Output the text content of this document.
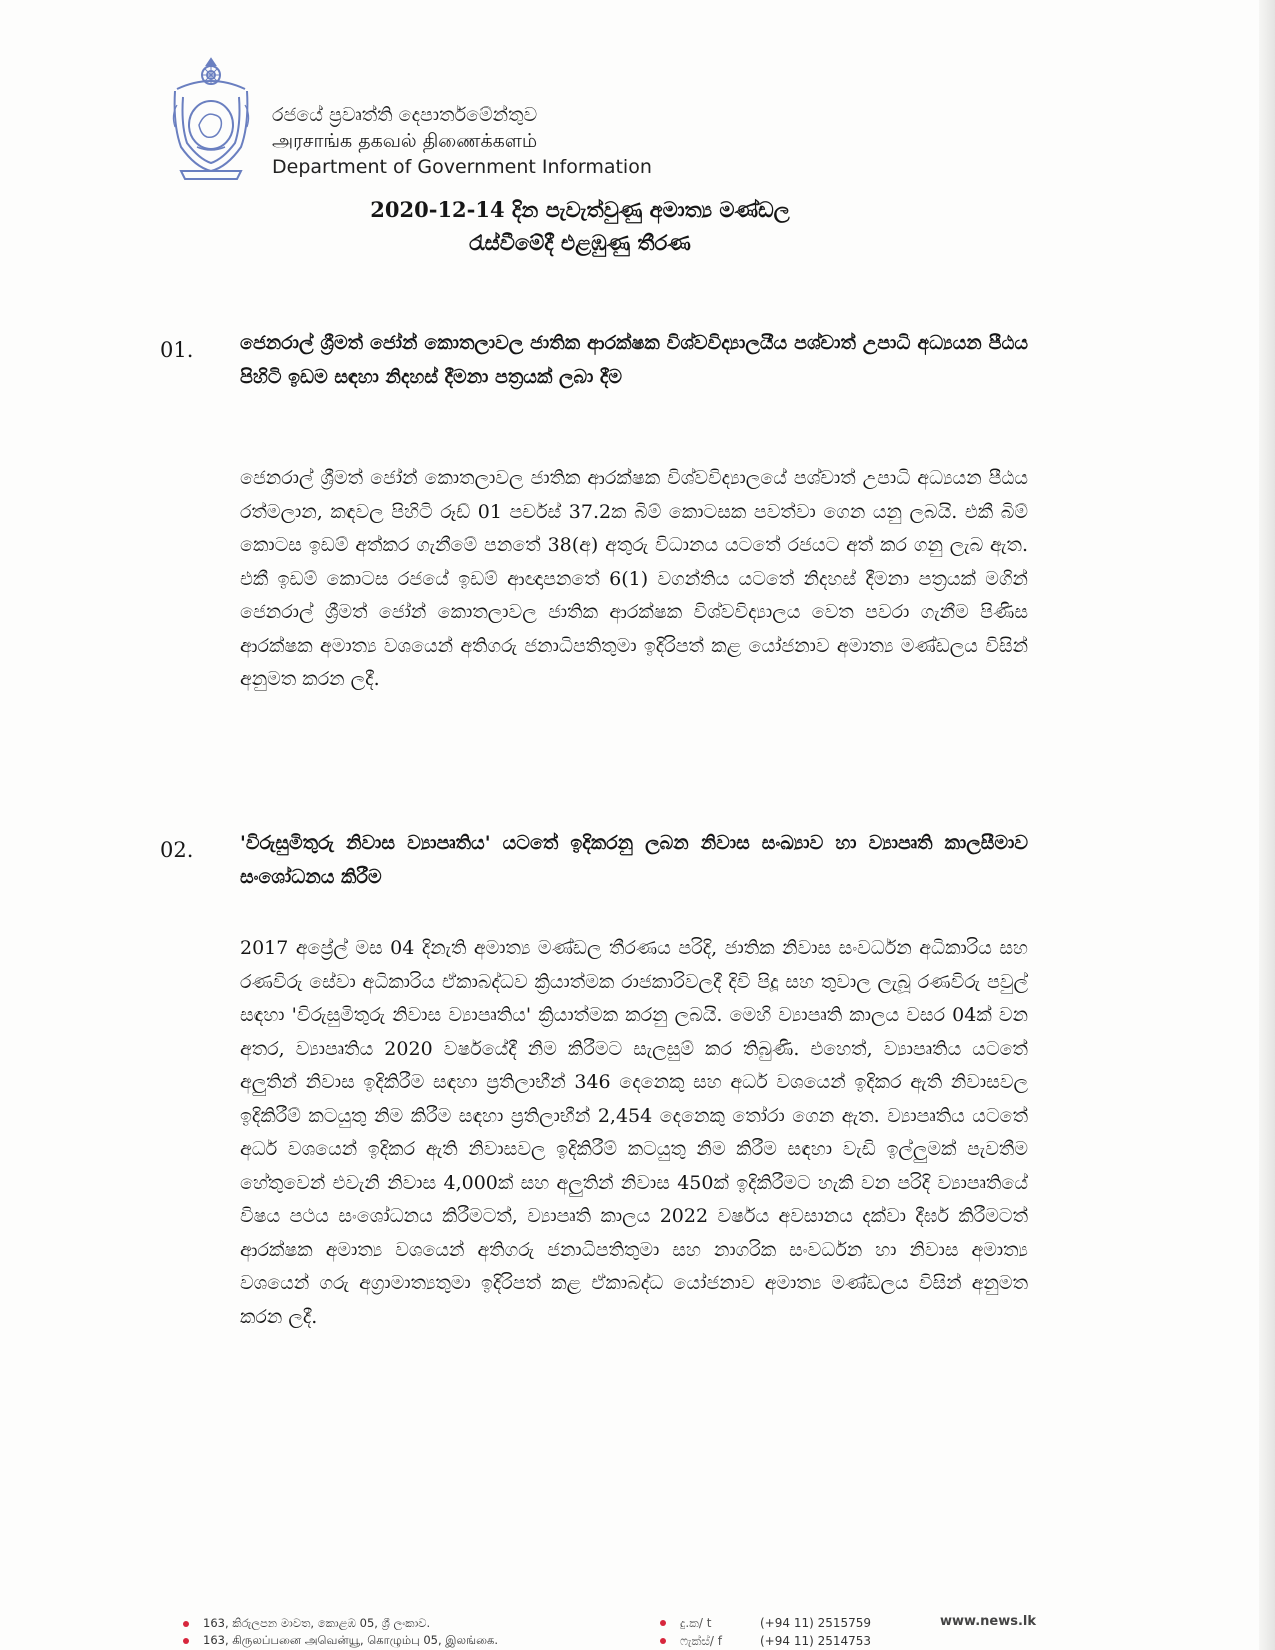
රජයේ ප්‍රවෘත්ති දෙපාර්තමේන්තුව
அரசாங்க தகவல் திணைக்களம்
Department of Government Information
2020-12-14 දින පැවැත්වුණු අමාත්‍ය මණ්ඩල
රැස්වීමේදී එළඹුණු තීරණ
01. ජෙනරාල් ශ්‍රීමත් ජෝන් කොතලාවල ජාතික ආරක්ෂක විශ්වවිද්‍යාලයීය පශ්චාත් උපාධි අධ්‍යයන පීඨය පිහිටි ඉඩම සඳහා නිදහස් දීමනා පත්‍රයක් ලබා දීම
ජෙනරාල් ශ්‍රීමත් ජෝන් කොතලාවල ජාතික ආරක්ෂක විශ්වවිද්‍යාලයේ පශ්චාත් උපාධි අධ්‍යයන පීඨය රත්මලාන, කඳවල පිහිටි රූඩ් 01 පර්චස් 37.2ක බිම් කොටසක පවත්වා ගෙන යනු ලබයි. එකී බිම් කොටස ඉඩම් අත්කර ගැනීමේ පනතේ 38(අ) අතුරු විධානය යටතේ රජයට අත් කර ගනු ලැබ ඇත. එකී ඉඩම් කොටස රජයේ ඉඩම් ආඥාපනතේ 6(1) වගන්තිය යටතේ නිදහස් දීමනා පත්‍රයක් මගින් ජෙනරාල් ශ්‍රීමත් ජෝන් කොතලාවල ජාතික ආරක්ෂක විශ්වවිද්‍යාලය වෙත පවරා ගැනීම පිණිස ආරක්ෂක අමාත්‍ය වශයෙන් අතිගරු ජනාධිපතිතුමා ඉදිරිපත් කළ යෝජනාව අමාත්‍ය මණ්ඩලය විසින් අනුමත කරන ලදී.
02. 'විරුසුමිතුරු නිවාස ව්‍යාපෘතිය' යටතේ ඉදිකරනු ලබන නිවාස සංඛ්‍යාව හා ව්‍යාපෘති කාලසීමාව සංශෝධනය කිරීම
2017 අප්‍රේල් මස 04 දිනැති අමාත්‍ය මණ්ඩල තීරණය පරිදි, ජාතික නිවාස සංවර්ධන අධිකාරිය සහ රණවිරු සේවා අධිකාරිය ඒකාබද්ධව ක්‍රියාත්මක රාජකාරිවලදී දිවි පිදූ සහ තුවාල ලැබූ රණවිරු පවුල් සඳහා 'විරුසුමිතුරු නිවාස ව්‍යාපෘතිය' ක්‍රියාත්මක කරනු ලබයි. මෙහි ව්‍යාපෘති කාලය වසර 04ක් වන අතර, ව්‍යාපෘතිය 2020 වර්ෂයේදී නිම කිරීමට සැලසුම් කර තිබුණි. එහෙත්, ව්‍යාපෘතිය යටතේ අලුතින් නිවාස ඉදිකිරීම සඳහා ප්‍රතිලාභීන් 346 දෙනෙකු සහ අර්ධ වශයෙන් ඉදිකර ඇති නිවාසවල ඉදිකිරීම් කටයුතු නිම කිරීම සඳහා ප්‍රතිලාභීන් 2,454 දෙනෙකු තෝරා ගෙන ඇත. ව්‍යාපෘතිය යටතේ අර්ධ වශයෙන් ඉදිකර ඇති නිවාසවල ඉදිකිරීම් කටයුතු නිම කිරීම සඳහා වැඩි ඉල්ලුමක් පැවතීම හේතුවෙන් එවැනි නිවාස 4,000ක් සහ අලුතින් නිවාස 450ක් ඉදිකිරීමට හැකි වන පරිදි ව්‍යාපෘතියේ විෂය පථය සංශෝධනය කිරීමටත්, ව්‍යාපෘති කාලය 2022 වර්ෂය අවසානය දක්වා දීර්ඝ කිරීමටත් ආරක්ෂක අමාත්‍ය වශයෙන් අතිගරු ජනාධිපතිතුමා සහ නාගරික සංවර්ධන හා නිවාස අමාත්‍ය වශයෙන් ගරු අග්‍රාමාත්‍යතුමා ඉදිරිපත් කළ ඒකාබද්ධ යෝජනාව අමාත්‍ය මණ්ඩලය විසින් අනුමත කරන ලදී.
163, කිරුලපන මාවත, කොළඹ 05, ශ්‍රී ලංකාව.
163, கிருலப்பனை அவென்யூ, கொழும்பு 05, இலங்கை.
දු.ක/ t	(+94 11) 2515759
ෆැක්ස්/ f	(+94 11) 2514753
www.news.lk
